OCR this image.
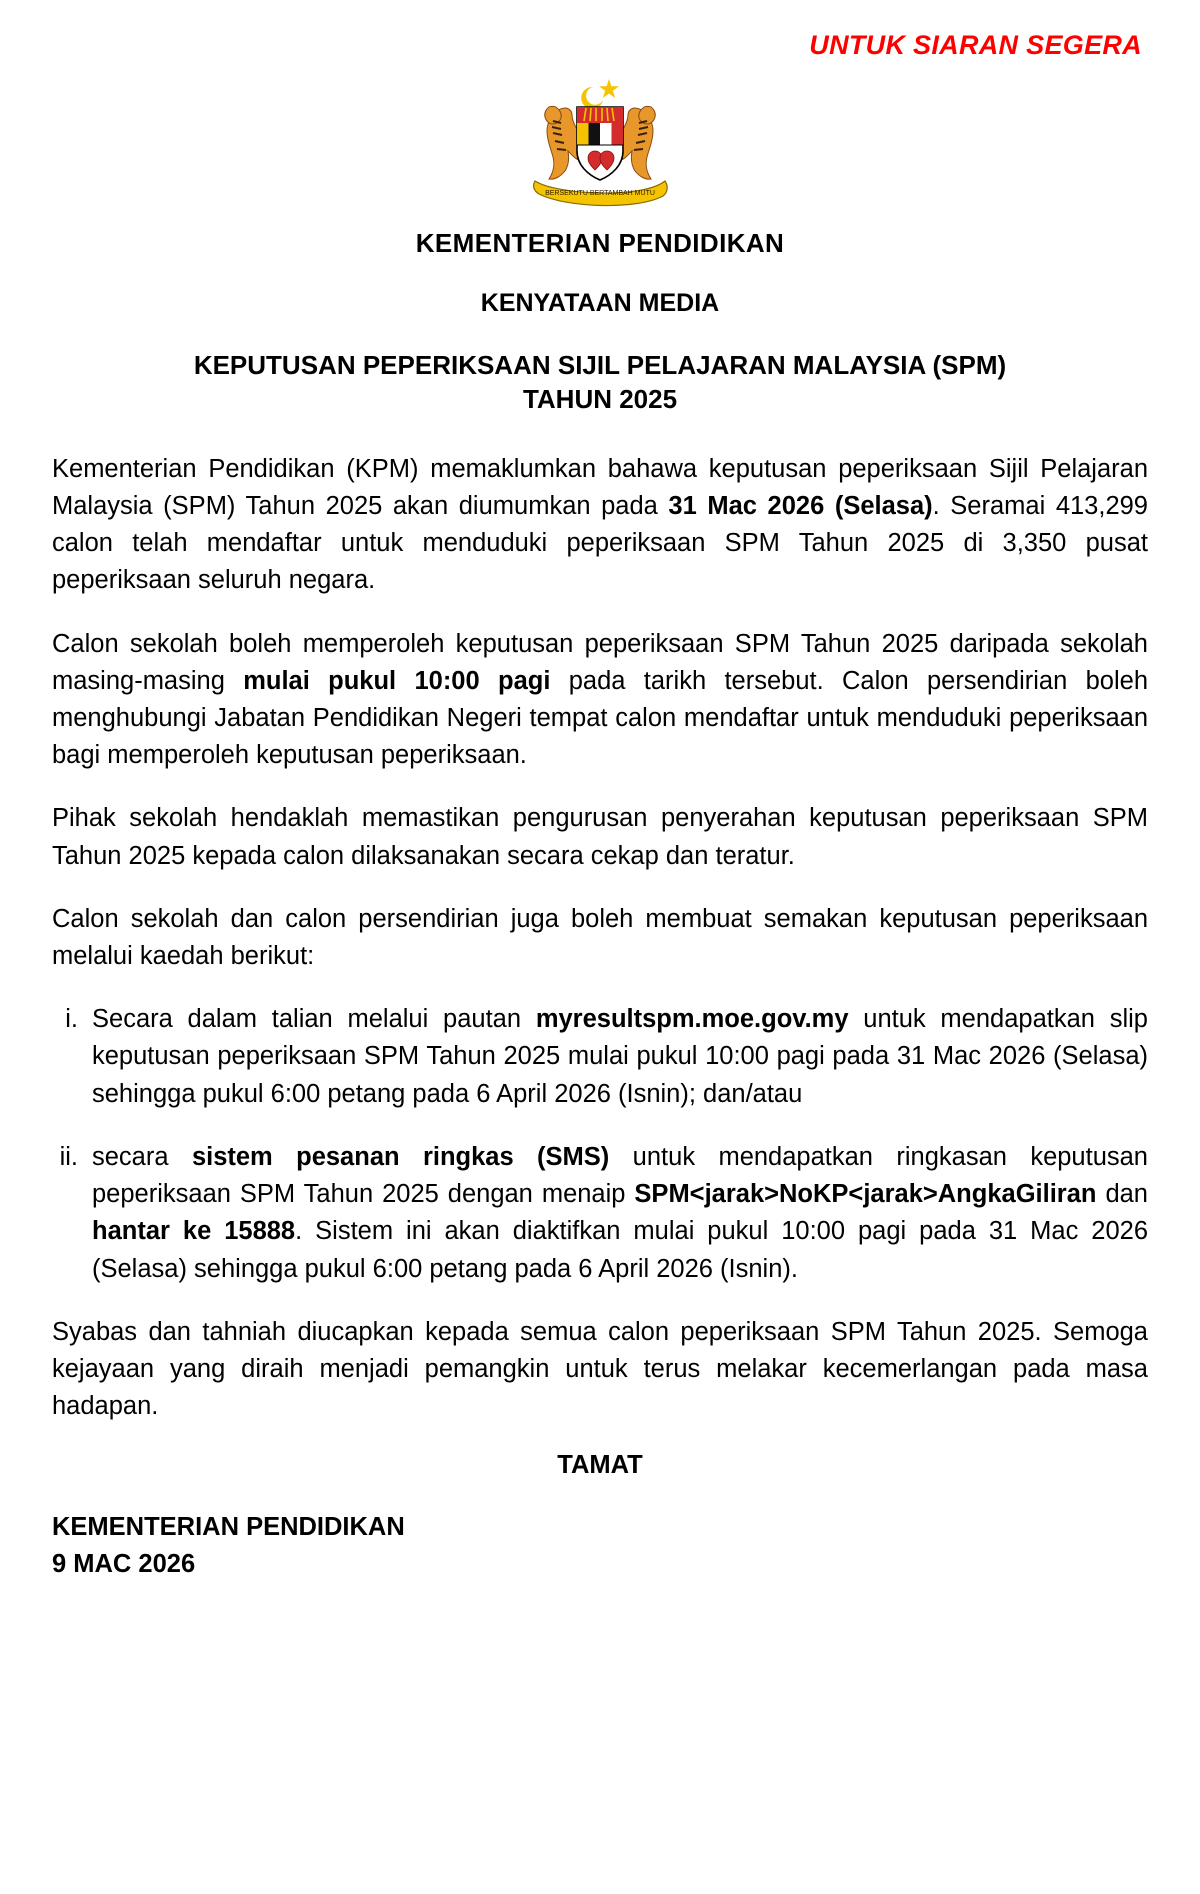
UNTUK SIARAN SEGERA
BERSEKUTU BERTAMBAH MUTU
KEMENTERIAN PENDIDIKAN
KENYATAAN MEDIA
KEPUTUSAN PEPERIKSAAN SIJIL PELAJARAN MALAYSIA (SPM)
TAHUN 2025

Kementerian Pendidikan (KPM) memaklumkan bahawa keputusan peperiksaan Sijil Pelajaran Malaysia (SPM) Tahun 2025 akan diumumkan pada 31 Mac 2026 (Selasa). Seramai 413,299 calon telah mendaftar untuk menduduki peperiksaan SPM Tahun 2025 di 3,350 pusat peperiksaan seluruh negara.

Calon sekolah boleh memperoleh keputusan peperiksaan SPM Tahun 2025 daripada sekolah masing-masing mulai pukul 10:00 pagi pada tarikh tersebut. Calon persendirian boleh menghubungi Jabatan Pendidikan Negeri tempat calon mendaftar untuk menduduki peperiksaan bagi memperoleh keputusan peperiksaan.

Pihak sekolah hendaklah memastikan pengurusan penyerahan keputusan peperiksaan SPM Tahun 2025 kepada calon dilaksanakan secara cekap dan teratur.

Calon sekolah dan calon persendirian juga boleh membuat semakan keputusan peperiksaan melalui kaedah berikut:

i. Secara dalam talian melalui pautan myresultspm.moe.gov.my untuk mendapatkan slip keputusan peperiksaan SPM Tahun 2025 mulai pukul 10:00 pagi pada 31 Mac 2026 (Selasa) sehingga pukul 6:00 petang pada 6 April 2026 (Isnin); dan/atau
ii. secara sistem pesanan ringkas (SMS) untuk mendapatkan ringkasan keputusan peperiksaan SPM Tahun 2025 dengan menaip SPM<jarak>NoKP<jarak>AngkaGiliran dan hantar ke 15888. Sistem ini akan diaktifkan mulai pukul 10:00 pagi pada 31 Mac 2026 (Selasa) sehingga pukul 6:00 petang pada 6 April 2026 (Isnin).

Syabas dan tahniah diucapkan kepada semua calon peperiksaan SPM Tahun 2025. Semoga kejayaan yang diraih menjadi pemangkin untuk terus melakar kecemerlangan pada masa hadapan.

TAMAT
KEMENTERIAN PENDIDIKAN
9 MAC 2026
